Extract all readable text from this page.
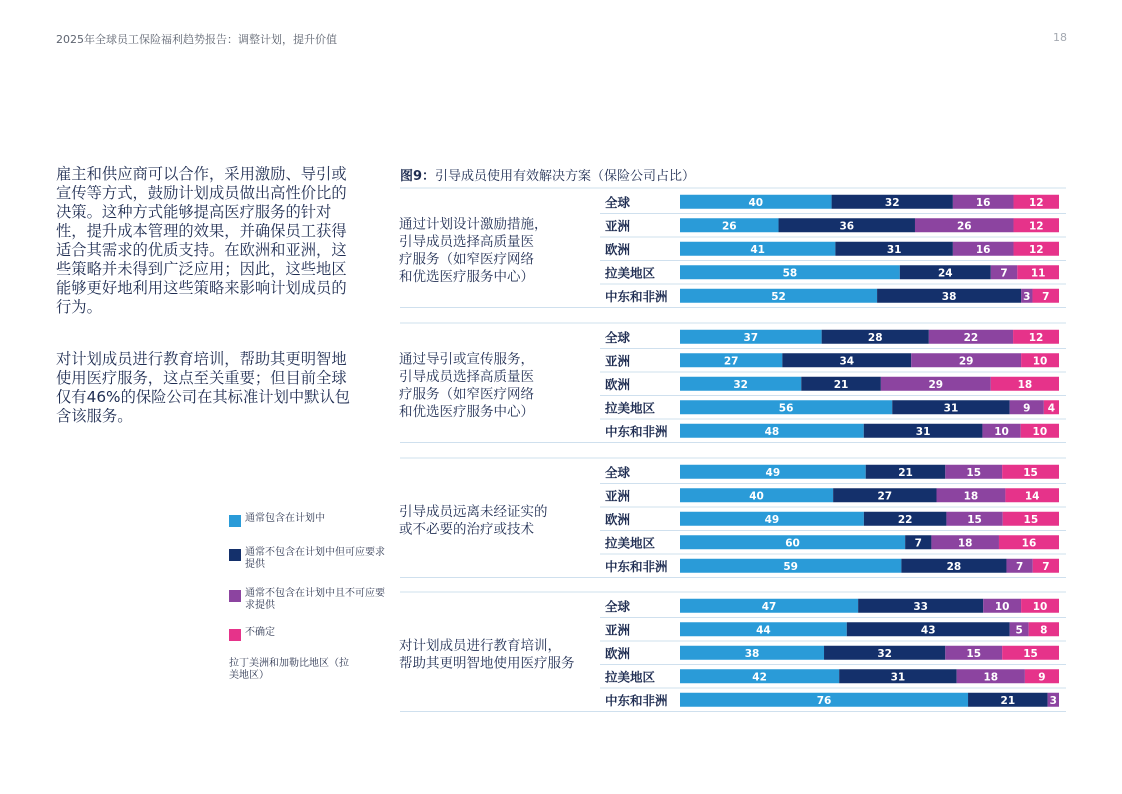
2025年全球员工保险福利趋势报告：调整计划，提升价值	18
雇主和供应商可以合作，采用激励、导引或宣传等方式，鼓励计划成员做出高性价比的决策。这种方式能够提高医疗服务的针对性，提升成本管理的效果，并确保员工获得适合其需求的优质支持。在欧洲和亚洲，这些策略并未得到广泛应用；因此，这些地区能够更好地利用这些策略来影响计划成员的行为。
对计划成员进行教育培训，帮助其更明智地使用医疗服务，这点至关重要；但目前全球仅有46%的保险公司在其标准计划中默认包含该服务。
通常包含在计划中
通常不包含在计划中但可应要求提供
通常不包含在计划中且不可应要求提供
不确定
拉丁美洲和加勒比地区（拉美地区）
图9：引导成员使用有效解决方案（保险公司占比）
通过计划设计激励措施，
引导成员选择高质量医
疗服务（如窄医疗网络
和优选医疗服务中心）
全球	40	32	16	12
亚洲	26	36	26	12
欧洲	41	31	16	12
拉美地区	58	24	7 11
中东和非洲	52	38	3 7
通过导引或宣传服务，
引导成员选择高质量医
疗服务（如窄医疗网络
和优选医疗服务中心）
全球	37	28	22	12
亚洲	27	34	29	10
欧洲	32	21	29	18
拉美地区	56	31	9 4
中东和非洲	48	31	10 10
引导成员远离未经证实的
或不必要的治疗或技术
全球	49	21	15	15
亚洲	40	27	18	14
欧洲	49	22	15	15
拉美地区	60	7	18	16
中东和非洲	59	28	7 7
对计划成员进行教育培训，
帮助其更明智地使用医疗服务
全球	47	33	10 10
亚洲	44	43	5 8
欧洲	38	32	15	15
拉美地区	42	31	18	9
中东和非洲	76	21	3
